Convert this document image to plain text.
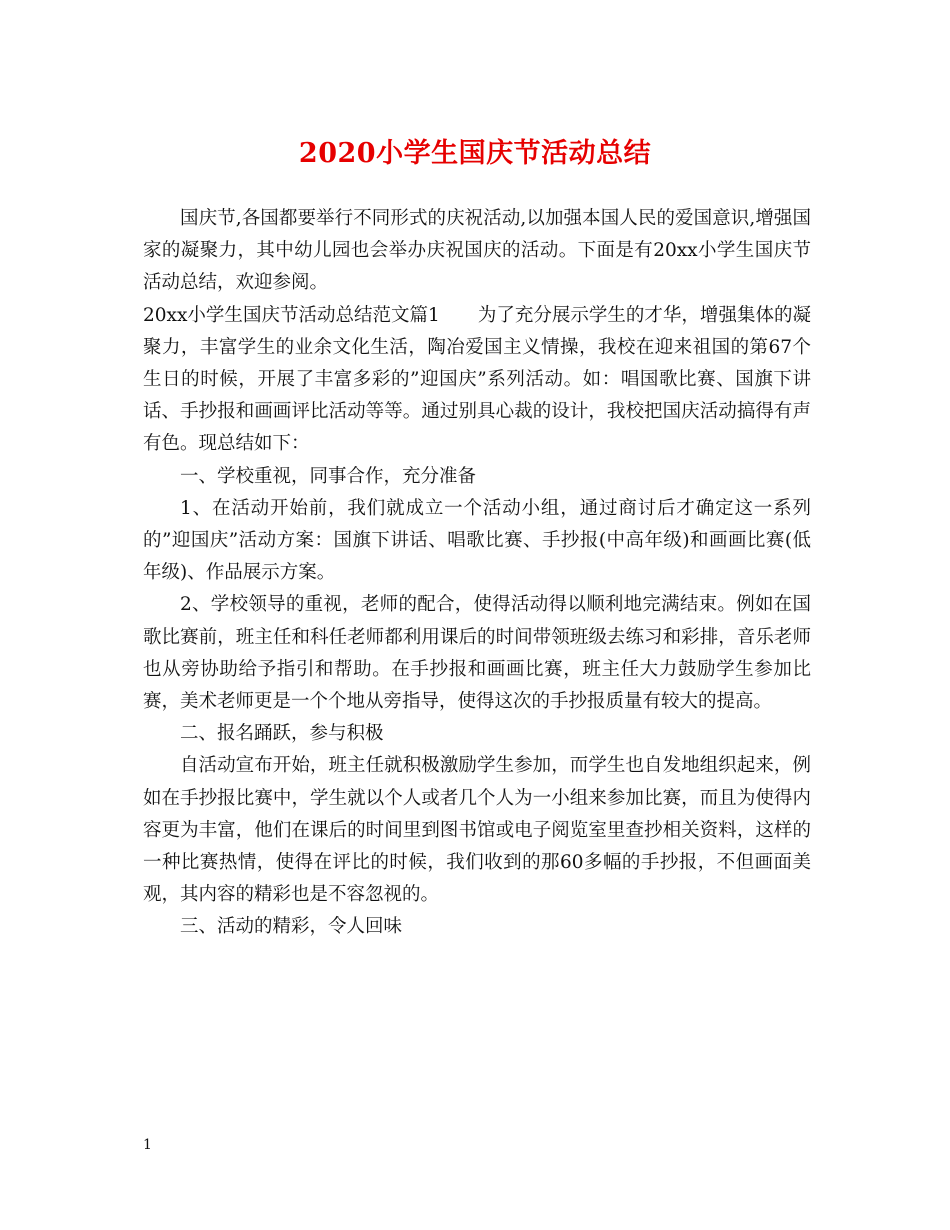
2020小学生国庆节活动总结

国庆节,各国都要举行不同形式的庆祝活动,以加强本国人民的爱国意识,增强国家的凝聚力，其中幼儿园也会举办庆祝国庆的活动。下面是有20xx小学生国庆节活动总结，欢迎参阅。

20xx小学生国庆节活动总结范文篇1 为了充分展示学生的才华，增强集体的凝聚力，丰富学生的业余文化生活，陶冶爱国主义情操，我校在迎来祖国的第67个生日的时候，开展了丰富多彩的”迎国庆”系列活动。如：唱国歌比赛、国旗下讲话、手抄报和画画评比活动等等。通过别具心裁的设计，我校把国庆活动搞得有声有色。现总结如下：

一、学校重视，同事合作，充分准备

1、在活动开始前，我们就成立一个活动小组，通过商讨后才确定这一系列的”迎国庆”活动方案：国旗下讲话、唱歌比赛、手抄报(中高年级)和画画比赛(低年级)、作品展示方案。

2、学校领导的重视，老师的配合，使得活动得以顺利地完满结束。例如在国歌比赛前，班主任和科任老师都利用课后的时间带领班级去练习和彩排，音乐老师也从旁协助给予指引和帮助。在手抄报和画画比赛，班主任大力鼓励学生参加比赛，美术老师更是一个个地从旁指导，使得这次的手抄报质量有较大的提高。

二、报名踊跃，参与积极

自活动宣布开始，班主任就积极激励学生参加，而学生也自发地组织起来，例如在手抄报比赛中，学生就以个人或者几个人为一小组来参加比赛，而且为使得内容更为丰富，他们在课后的时间里到图书馆或电子阅览室里查抄相关资料，这样的一种比赛热情，使得在评比的时候，我们收到的那60多幅的手抄报，不但画面美观，其内容的精彩也是不容忽视的。

三、活动的精彩，令人回味

1
